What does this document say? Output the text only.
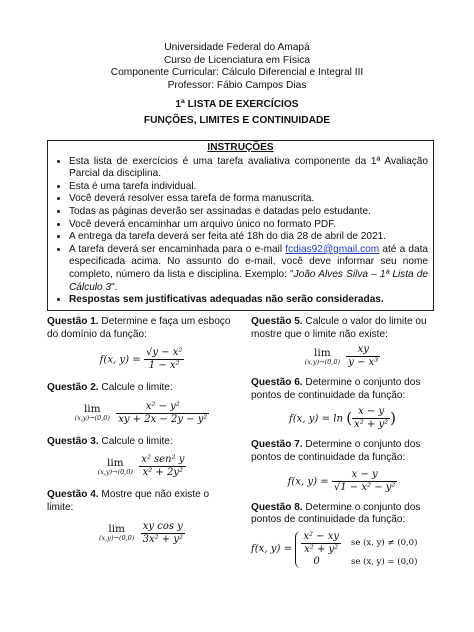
Universidade Federal do Amapá
Curso de Licenciatura em Física
Componente Curricular: Cálculo Diferencial e Integral III
Professor: Fábio Campos Dias
1ª LISTA DE EXERCÍCIOS
FUNÇÕES, LIMITES E CONTINUIDADE
INSTRUÇÕES
• Esta lista de exercícios é uma tarefa avaliativa componente da 1ª Avaliação Parcial da disciplina.
• Esta é uma tarefa individual.
• Você deverá resolver essa tarefa de forma manuscrita.
• Todas as páginas deverão ser assinadas e datadas pelo estudante.
• Você deverá encaminhar um arquivo único no formato PDF.
• A entrega da tarefa deverá ser feita até 18h do dia 28 de abril de 2021.
• A tarefa deverá ser encaminhada para o e-mail fcdias92@gmail.com até a data especificada acima. No assunto do e-mail, você deve informar seu nome completo, número da lista e disciplina. Exemplo: "João Alves Silva – 1ª Lista de Cálculo 3".
• Respostas sem justificativas adequadas não serão consideradas.
Questão 1. Determine e faça um esboço do domínio da função:
f(x, $y) = \frac{\text{√y − x²}}{\text{1 − x²}}$
Questão 2. Calcule o limite:
lim
(x,y)→(0,0)
$\frac{\text{x² − y²}}{\text{xy + 2x − 2y − y²}}$
Questão 3. Calcule o limite:
lim
(x,y)→(0,0)
$\frac{\text{x² sen² y}}{\text{x² + 2y²}}$
Questão 4. Mostre que não existe o limite:
lim
(x,y)→(0,0)
$\frac{\text{xy cos y}}{\text{3x² + y²}}$
Questão 5. Calcule o valor do limite ou mostre que o limite não existe:
lim
(x,y)→(0,0)
$\frac{xy}{\text{y − x³}}$
Questão 6. Determine o conjunto dos pontos de continuidade da função:
f(x, y) = ln ( $\frac{x - y}{\text{x² + y²}}$ )
Questão 7. Determine o conjunto dos pontos de continuidade da função:
f(x, $y) = \frac{x - y}{\text{√1 − x² − y²}}$
Questão 8. Determine o conjunto dos pontos de continuidade da função:
f(x, $y) = \frac{\text{x² − xy}}{\text{x² + y²}}$ se (x, y) ≠ (0,0)
0	se (x, y) = (0,0)
